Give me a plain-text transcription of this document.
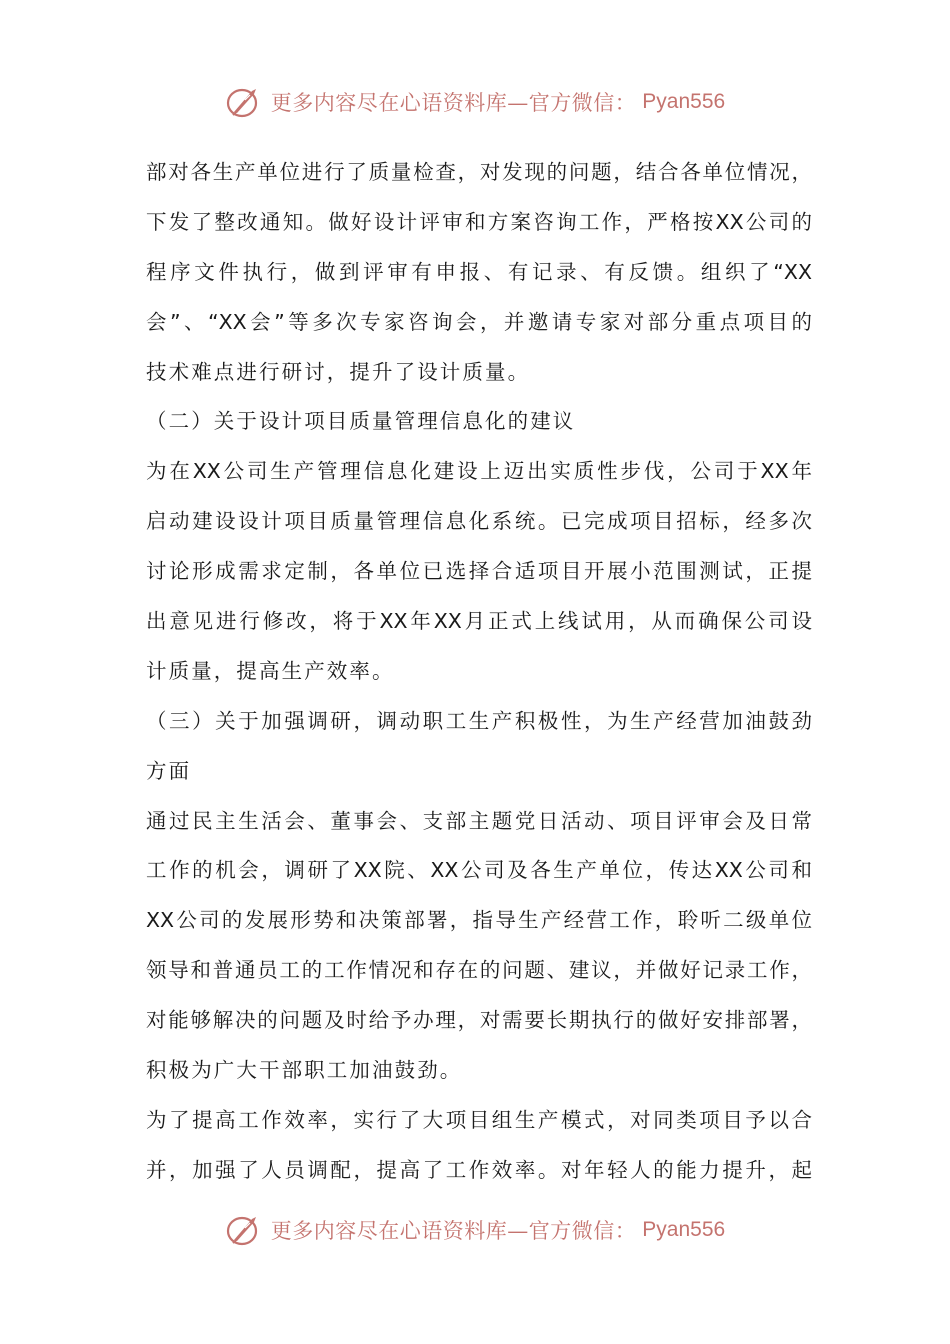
更多内容尽在心语资料库—官方微信： Pyan556
部对各生产单位进行了质量检查，对发现的问题，结合各单位情况，
下发了整改通知。做好设计评审和方案咨询工作，严格按XX公司的
程序文件执行，做到评审有申报、有记录、有反馈。组织了“XX
会”、“XX会”等多次专家咨询会，并邀请专家对部分重点项目的
技术难点进行研讨，提升了设计质量。
（二）关于设计项目质量管理信息化的建议
为在XX公司生产管理信息化建设上迈出实质性步伐，公司于XX年
启动建设设计项目质量管理信息化系统。已完成项目招标，经多次
讨论形成需求定制，各单位已选择合适项目开展小范围测试，正提
出意见进行修改，将于XX年XX月正式上线试用，从而确保公司设
计质量，提高生产效率。
（三）关于加强调研，调动职工生产积极性，为生产经营加油鼓劲
方面
通过民主生活会、董事会、支部主题党日活动、项目评审会及日常
工作的机会，调研了XX院、XX公司及各生产单位，传达XX公司和
XX公司的发展形势和决策部署，指导生产经营工作，聆听二级单位
领导和普通员工的工作情况和存在的问题、建议，并做好记录工作，
对能够解决的问题及时给予办理，对需要长期执行的做好安排部署，
积极为广大干部职工加油鼓劲。
为了提高工作效率，实行了大项目组生产模式，对同类项目予以合
并，加强了人员调配，提高了工作效率。对年轻人的能力提升，起
更多内容尽在心语资料库—官方微信： Pyan556
